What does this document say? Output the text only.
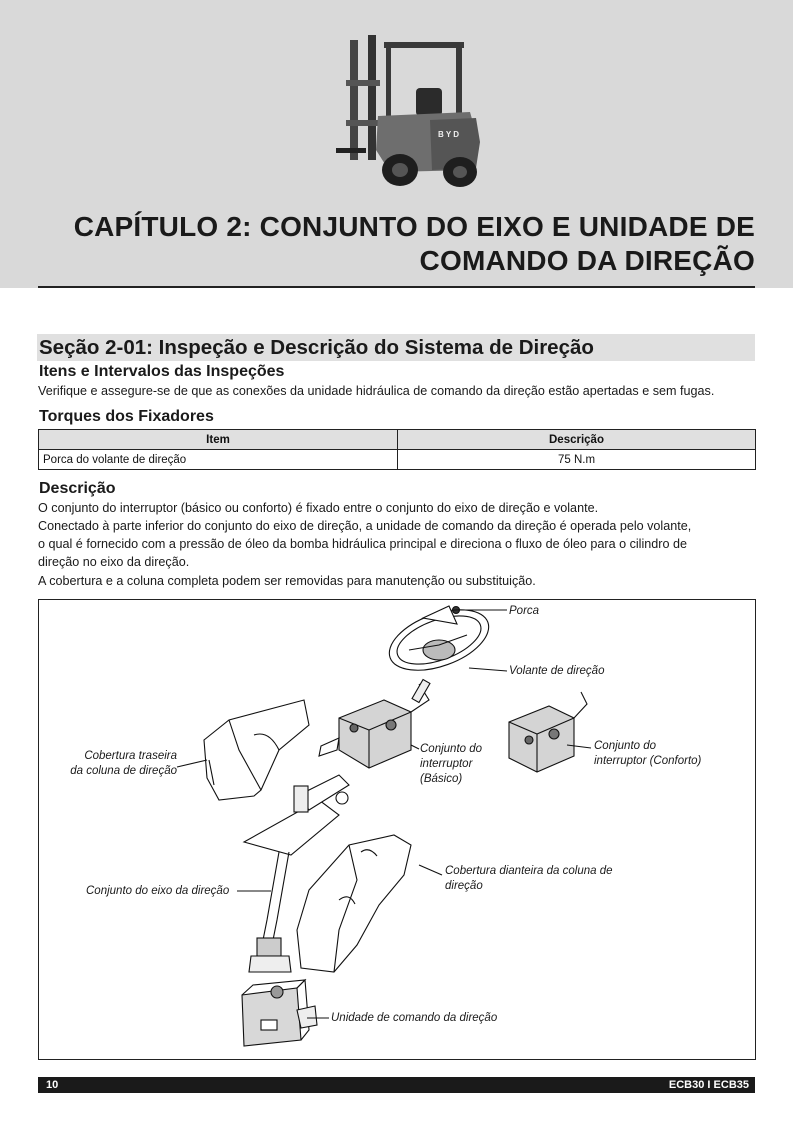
B Y D
CAPÍTULO 2: CONJUNTO DO EIXO E UNIDADE DE
COMANDO DA DIREÇÃO
Seção 2-01: Inspeção e Descrição do Sistema de Direção
Itens e Intervalos das Inspeções
Verifique e assegure-se de que as conexões da unidade hidráulica de comando da direção estão apertadas e sem fugas.
Torques dos Fixadores
Item	Descrição
Porca do volante de direção	75 N.m
Descrição
O conjunto do interruptor (básico ou conforto) é fixado entre o conjunto do eixo de direção e volante.
Conectado à parte inferior do conjunto do eixo de direção, a unidade de comando da direção é operada pelo volante,
o qual é fornecido com a pressão de óleo da bomba hidráulica principal e direciona o fluxo de óleo para o cilindro de
direção no eixo da direção.
A cobertura e a coluna completa podem ser removidas para manutenção ou substituição.
Porca
Volante de direção
Cobertura traseira
da coluna de direção
Conjunto do
interruptor
(Básico)
Conjunto do
interruptor (Conforto)
Conjunto do eixo da direção
Cobertura dianteira da coluna de
direção
Unidade de comando da direção
10	ECB30 I ECB35
